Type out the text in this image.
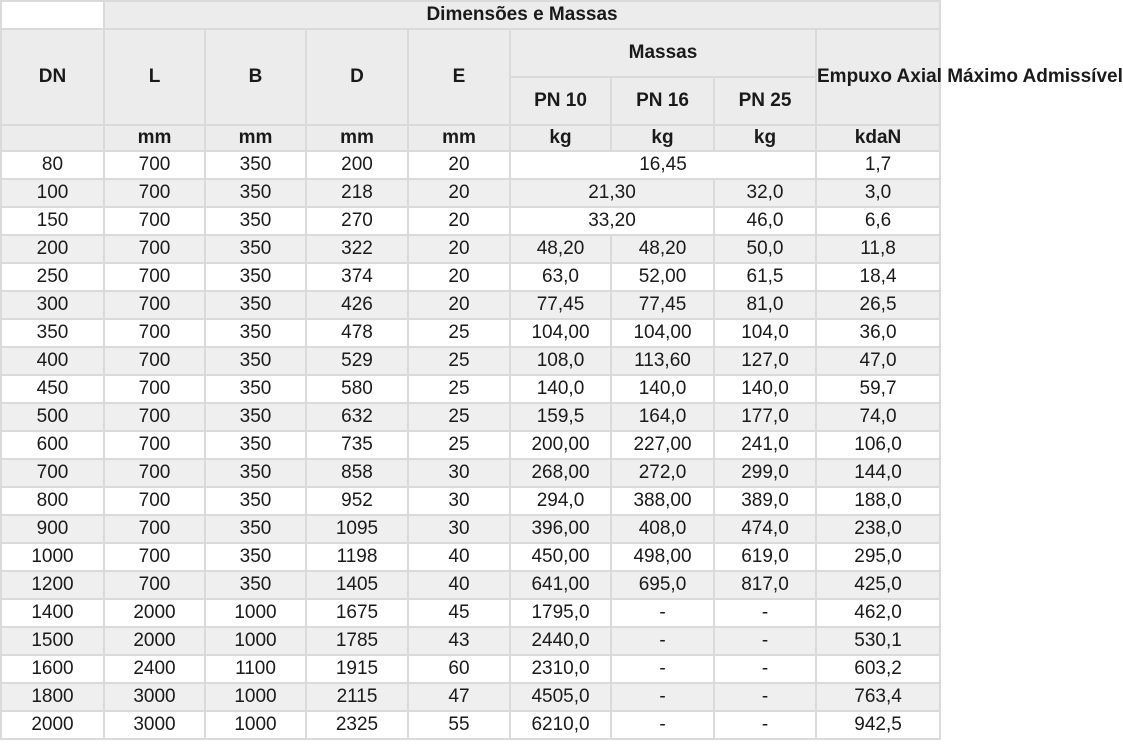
	Dimensões e Massas							
DN	L	B	D	E	Massas			Empuxo Axial Máximo Admissível
					PN 10	PN 16	PN 25	
	mm	mm	mm	mm	kg	kg	kg	kdaN
80	700	350	200	20	16,45			1,7
100	700	350	218	20	21,30		32,0	3,0
150	700	350	270	20	33,20		46,0	6,6
200	700	350	322	20	48,20	48,20	50,0	11,8
250	700	350	374	20	63,0	52,00	61,5	18,4
300	700	350	426	20	77,45	77,45	81,0	26,5
350	700	350	478	25	104,00	104,00	104,0	36,0
400	700	350	529	25	108,0	113,60	127,0	47,0
450	700	350	580	25	140,0	140,0	140,0	59,7
500	700	350	632	25	159,5	164,0	177,0	74,0
600	700	350	735	25	200,00	227,00	241,0	106,0
700	700	350	858	30	268,00	272,0	299,0	144,0
800	700	350	952	30	294,0	388,00	389,0	188,0
900	700	350	1095	30	396,00	408,0	474,0	238,0
1000	700	350	1198	40	450,00	498,00	619,0	295,0
1200	700	350	1405	40	641,00	695,0	817,0	425,0
1400	2000	1000	1675	45	1795,0	-	-	462,0
1500	2000	1000	1785	43	2440,0	-	-	530,1
1600	2400	1100	1915	60	2310,0	-	-	603,2
1800	3000	1000	2115	47	4505,0	-	-	763,4
2000	3000	1000	2325	55	6210,0	-	-	942,5
